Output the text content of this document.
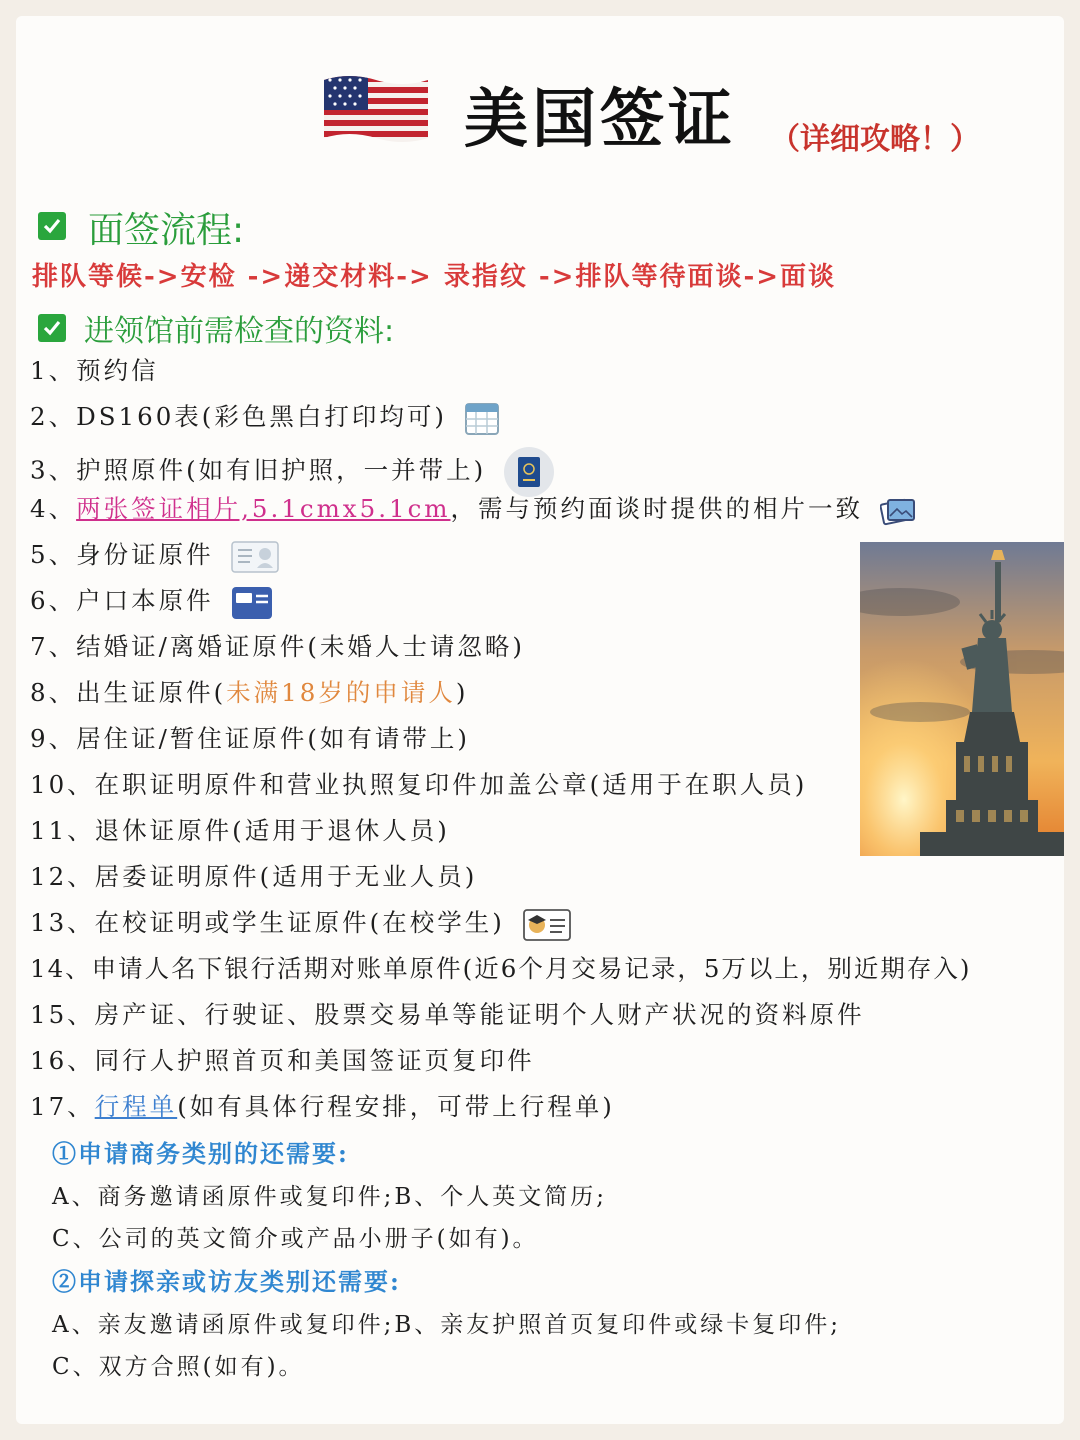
美国签证 （详细攻略！）
面签流程:
排队等候->安检 ->递交材料-> 录指纹 ->排队等待面谈->面谈
进领馆前需检查的资料:
1、预约信
2、DS160表(彩色黑白打印均可)
3、护照原件(如有旧护照，一并带上)
4、两张签证相片,5.1cmx5.1cm，需与预约面谈时提供的相片一致
5、身份证原件
6、户口本原件
7、结婚证/离婚证原件(未婚人士请忽略)
8、出生证原件(未满18岁的申请人)
9、居住证/暂住证原件(如有请带上)
10、在职证明原件和营业执照复印件加盖公章(适用于在职人员)
11、退休证原件(适用于退休人员)
12、居委证明原件(适用于无业人员)
13、在校证明或学生证原件(在校学生)
14、申请人名下银行活期对账单原件(近6个月交易记录，5万以上，别近期存入)
15、房产证、行驶证、股票交易单等能证明个人财产状况的资料原件
16、同行人护照首页和美国签证页复印件
17、行程单(如有具体行程安排，可带上行程单)
①申请商务类别的还需要:
A、商务邀请函原件或复印件;B、个人英文简历;
C、公司的英文简介或产品小册子(如有)。
②申请探亲或访友类别还需要:
A、亲友邀请函原件或复印件;B、亲友护照首页复印件或绿卡复印件;
C、双方合照(如有)。
